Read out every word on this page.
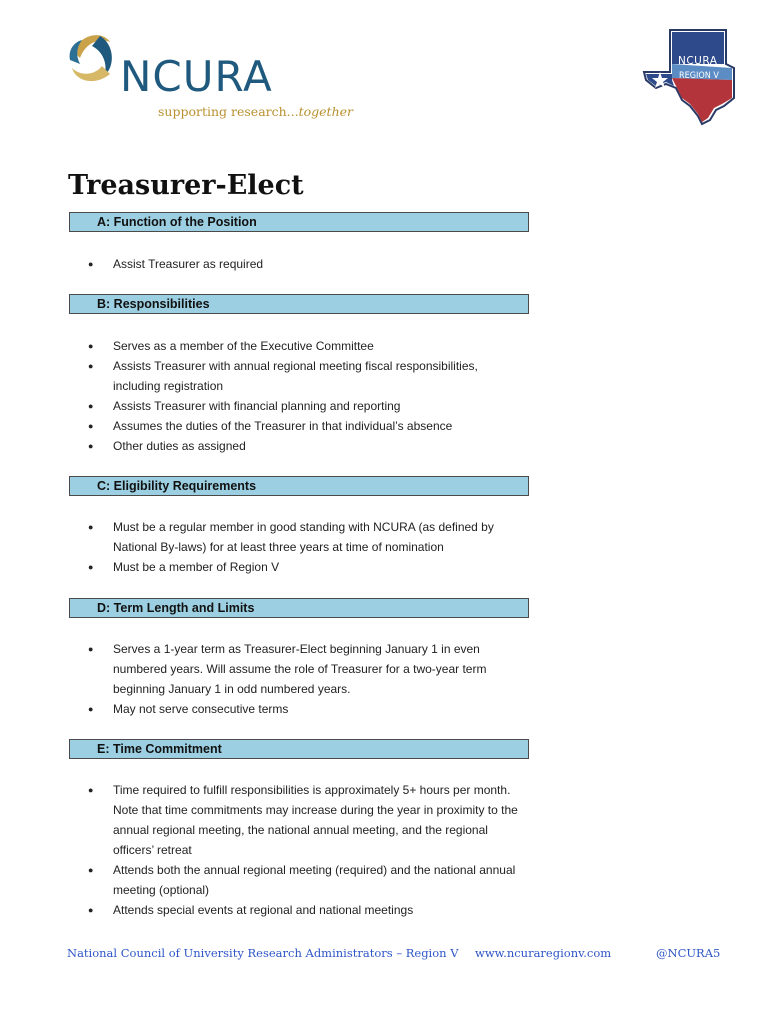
NCURA
supporting research...together
NCURA
REGION V
Treasurer-Elect
A: Function of the Position
● Assist Treasurer as required
B: Responsibilities
● Serves as a member of the Executive Committee
● Assists Treasurer with annual regional meeting fiscal responsibilities, including registration
● Assists Treasurer with financial planning and reporting
● Assumes the duties of the Treasurer in that individual’s absence
● Other duties as assigned
C: Eligibility Requirements
● Must be a regular member in good standing with NCURA (as defined by National By-laws) for at least three years at time of nomination
● Must be a member of Region V
D: Term Length and Limits
● Serves a 1-year term as Treasurer-Elect beginning January 1 in even numbered years. Will assume the role of Treasurer for a two-year term beginning January 1 in odd numbered years.
● May not serve consecutive terms
E: Time Commitment
● Time required to fulfill responsibilities is approximately 5+ hours per month. Note that time commitments may increase during the year in proximity to the annual regional meeting, the national annual meeting, and the regional officers’ retreat
● Attends both the annual regional meeting (required) and the national annual meeting (optional)
● Attends special events at regional and national meetings
National Council of University Research Administrators – Region V www.ncuraregionv.com	@NCURA5
